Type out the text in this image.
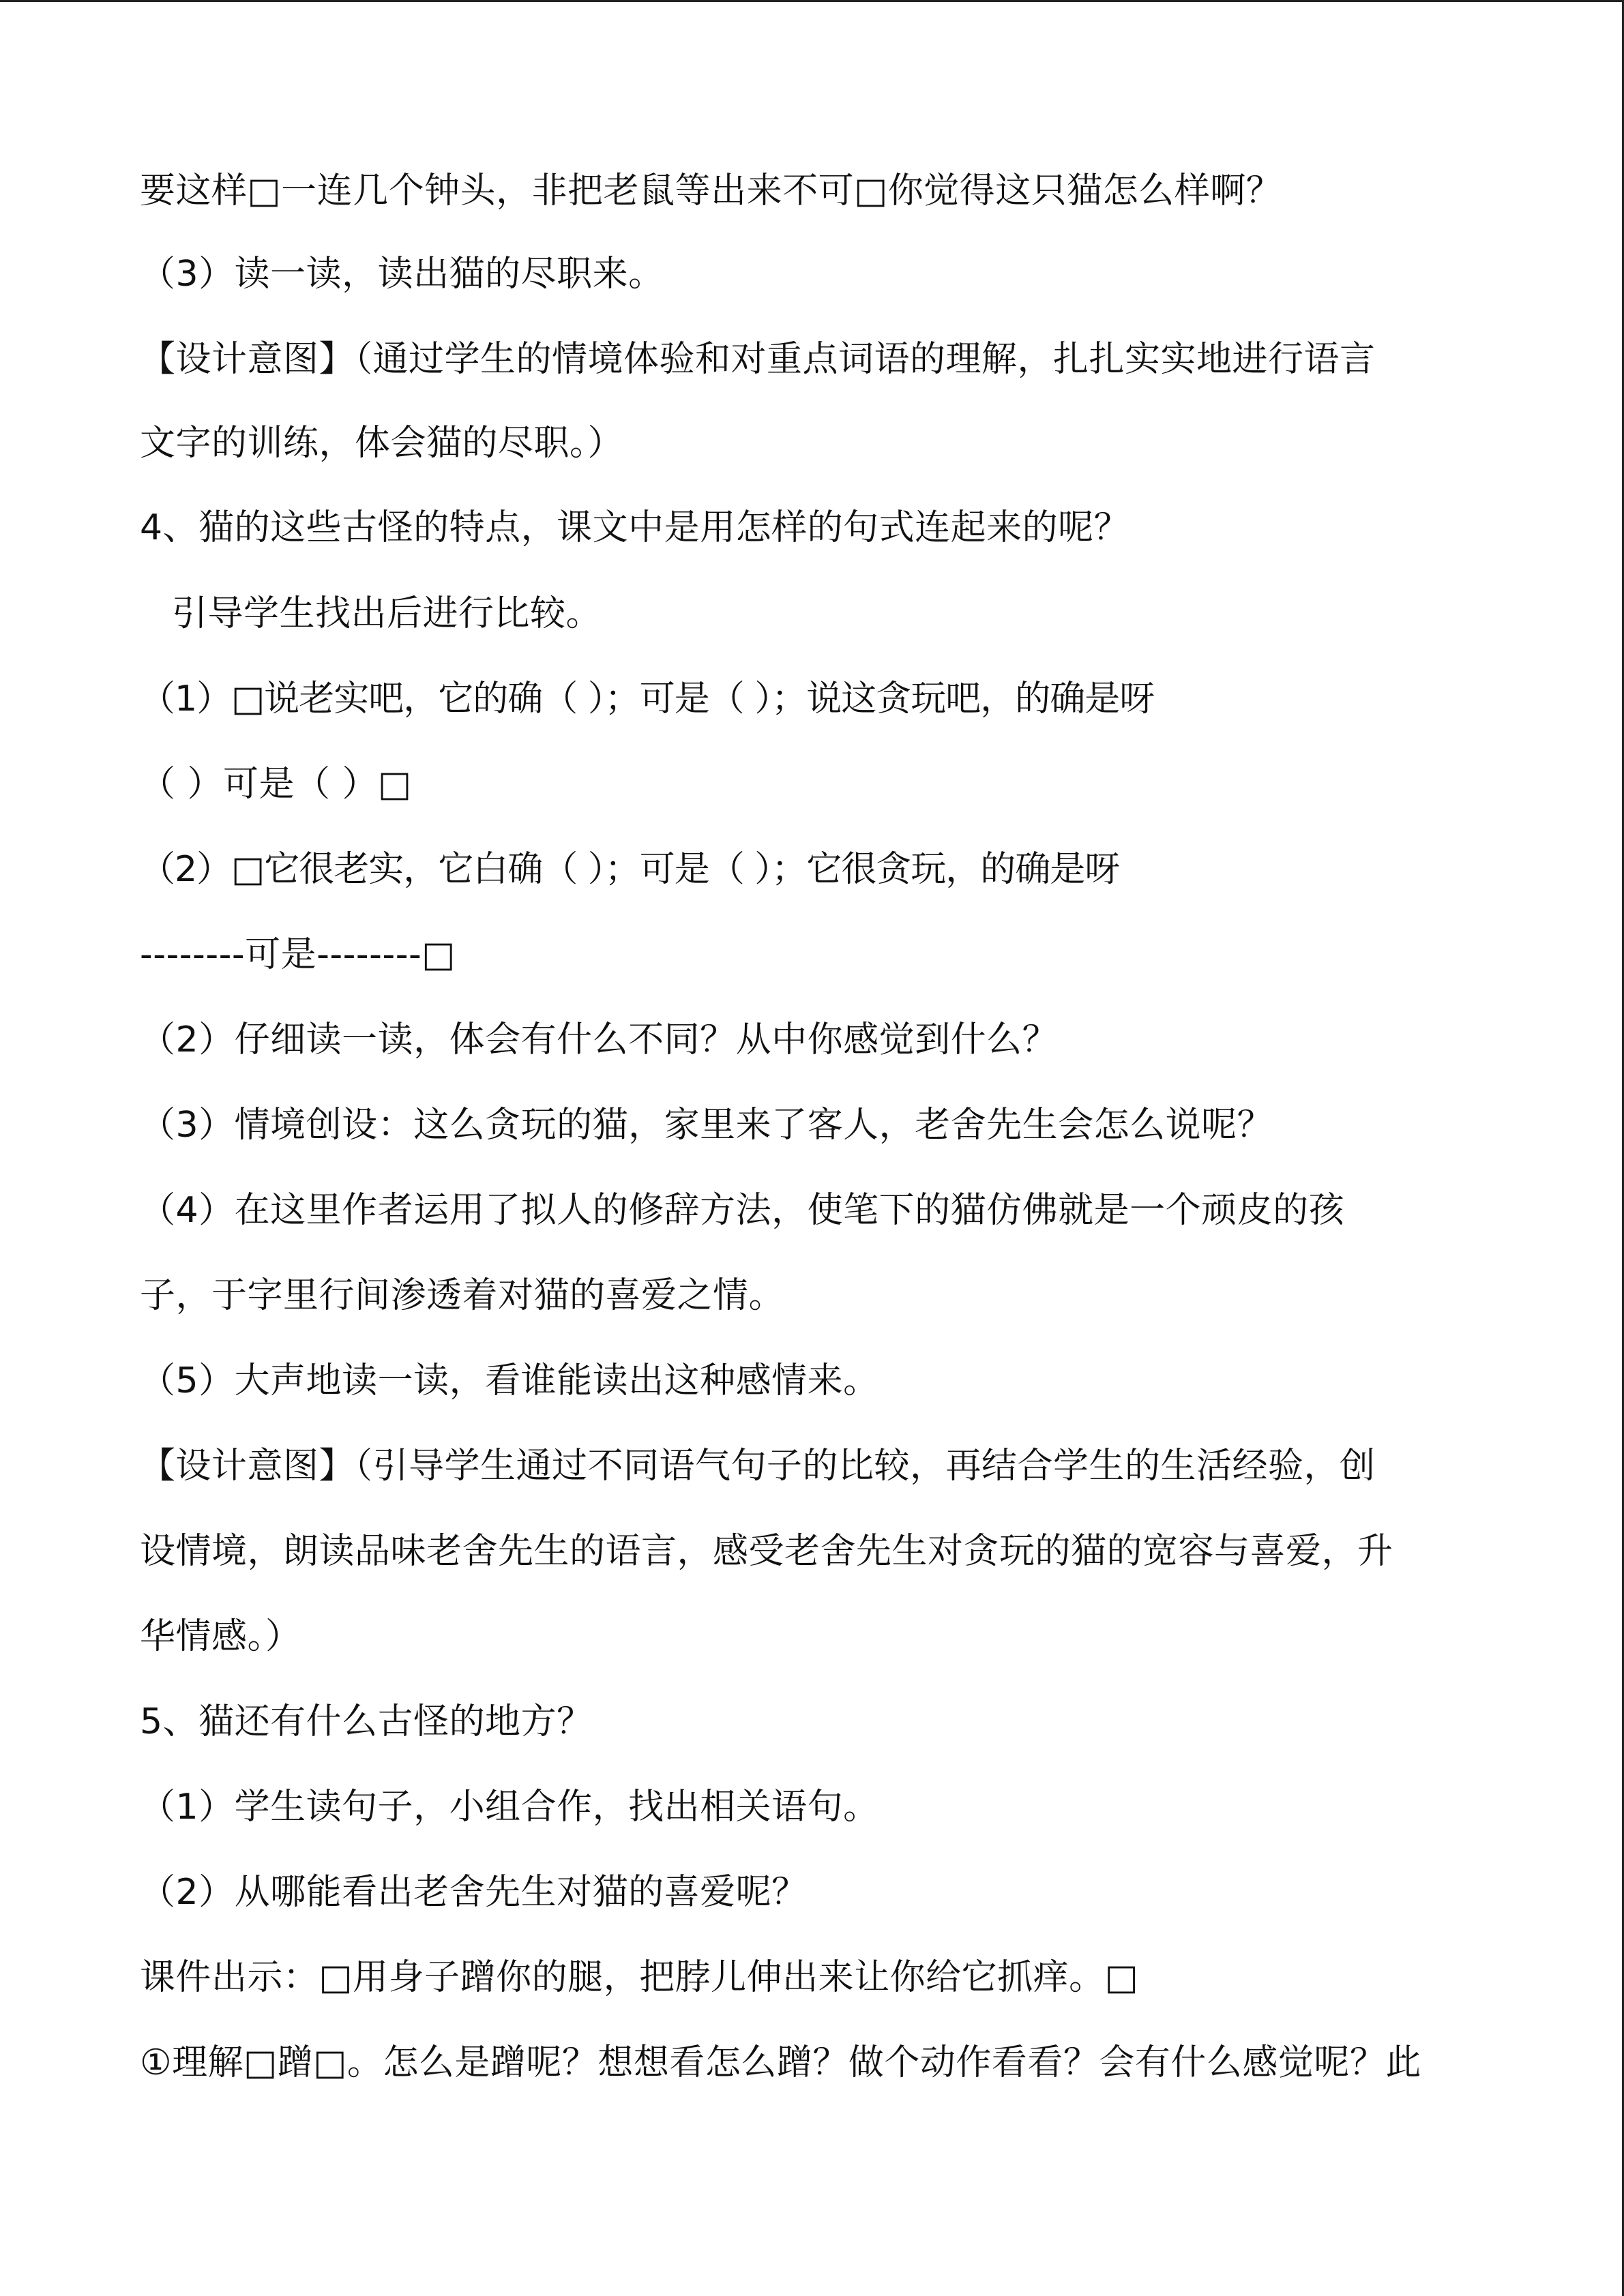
要这样□一连几个钟头，非把老鼠等出来不可□你觉得这只猫怎么样啊？
（3）读一读，读出猫的尽职来。
【设计意图】（通过学生的情境体验和对重点词语的理解，扎扎实实地进行语言
文字的训练，体会猫的尽职。）
4、猫的这些古怪的特点，课文中是用怎样的句式连起来的呢？
引导学生找出后进行比较。
（1）□说老实吧，它的确（ ）；可是（ ）；说这贪玩吧，的确是呀
（ ）可是（ ）□
（2）□它很老实，它白确（ ）；可是（ ）；它很贪玩，的确是呀
--------可是--------□
（2）仔细读一读，体会有什么不同？从中你感觉到什么？
（3）情境创设：这么贪玩的猫，家里来了客人，老舍先生会怎么说呢？
（4）在这里作者运用了拟人的修辞方法，使笔下的猫仿佛就是一个顽皮的孩
子，于字里行间渗透着对猫的喜爱之情。
（5）大声地读一读，看谁能读出这种感情来。
【设计意图】（引导学生通过不同语气句子的比较，再结合学生的生活经验，创
设情境，朗读品味老舍先生的语言，感受老舍先生对贪玩的猫的宽容与喜爱，升
华情感。）
5、猫还有什么古怪的地方？
（1）学生读句子，小组合作，找出相关语句。
（2）从哪能看出老舍先生对猫的喜爱呢？
课件出示：□用身子蹭你的腿，把脖儿伸出来让你给它抓痒。□
①理解□蹭□。怎么是蹭呢？想想看怎么蹭？做个动作看看？会有什么感觉呢？此
